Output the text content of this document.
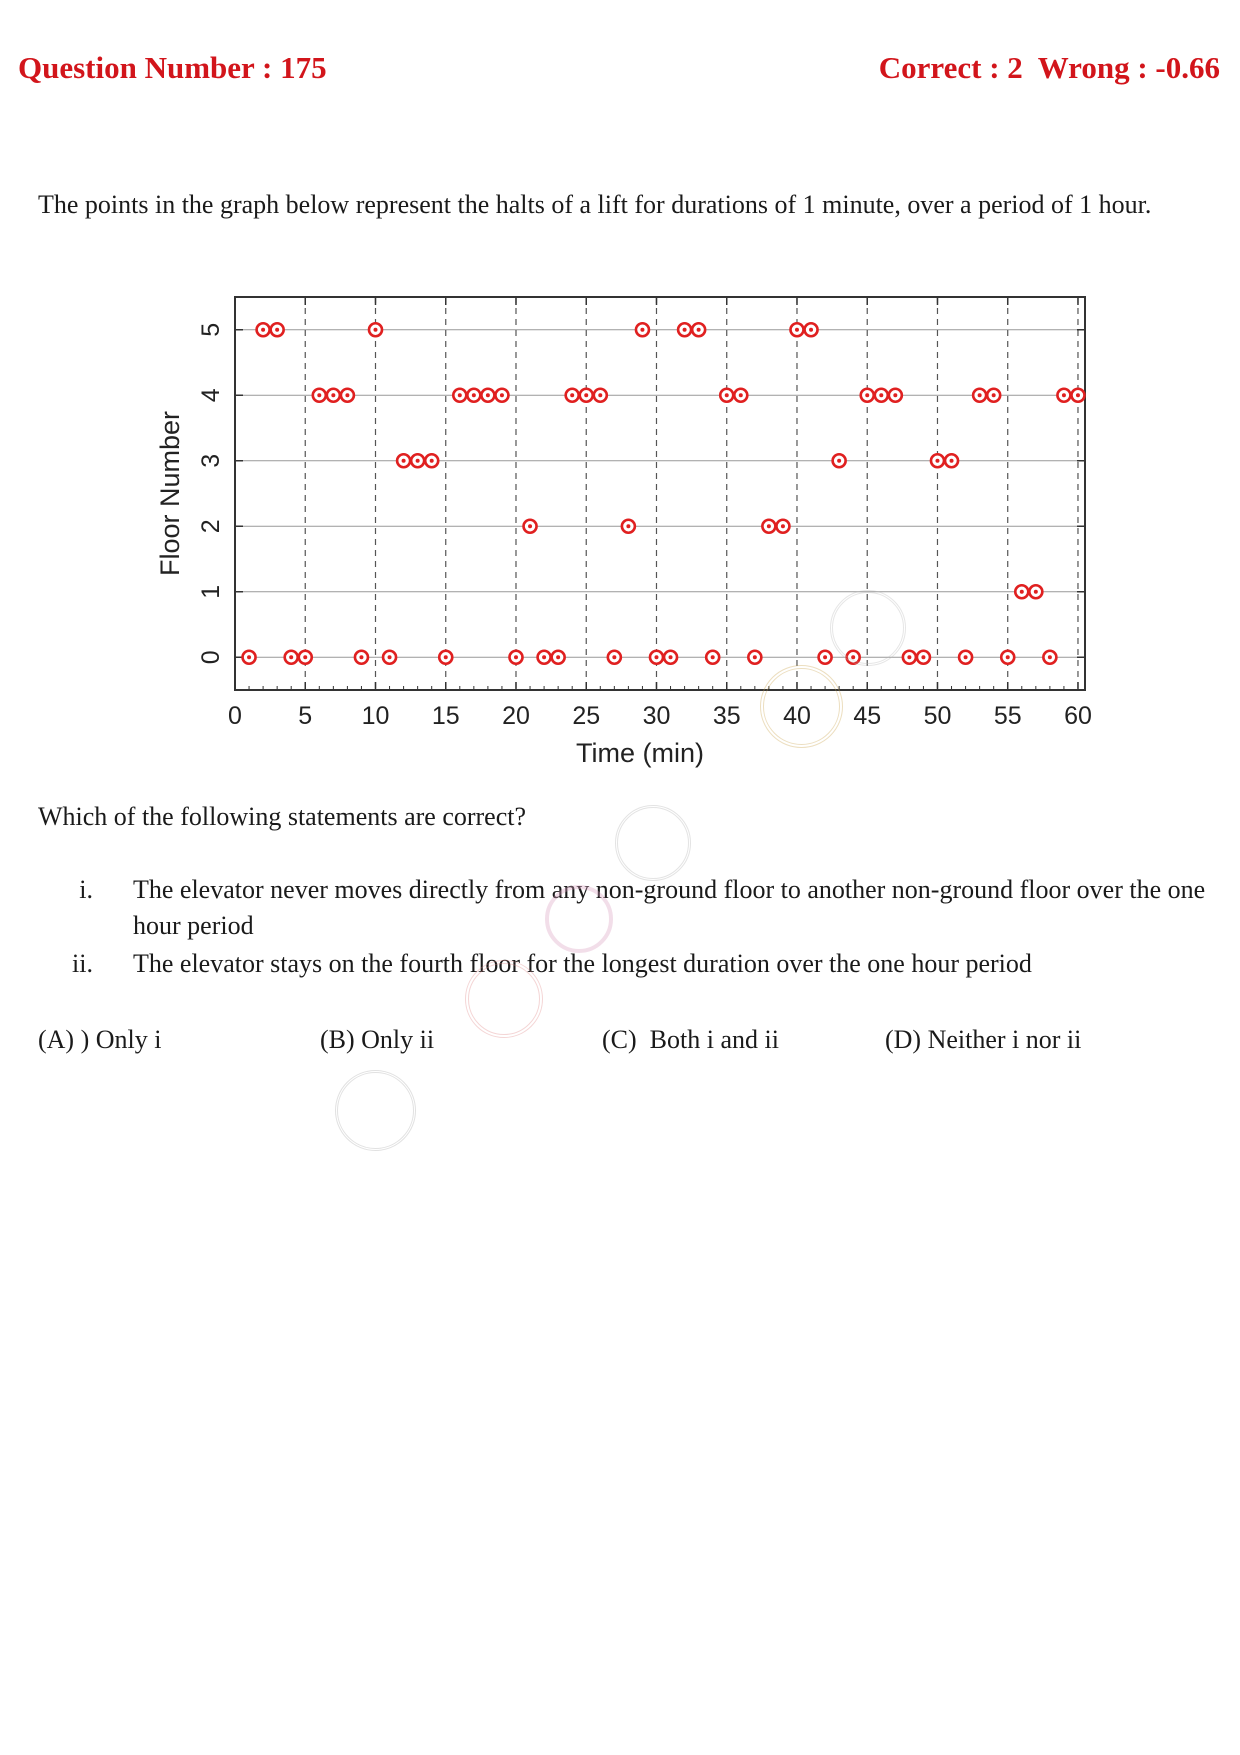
Question Number : 175	Correct : 2  Wrong : -0.66
The points in the graph below represent the halts of a lift for durations of 1 minute, over a period of 1 hour.
0 5 10 15 20 25 30 35 40 45 50 55 60
0
1
2
3
4
5
Time (min)
Floor Number
Which of the following statements are correct?
i. The elevator never moves directly from any non-ground floor to another non-ground floor over the one hour period
ii. The elevator stays on the fourth floor for the longest duration over the one hour period
(A) ) Only i	(B) Only ii	(C)  Both i and ii	(D) Neither i nor ii
